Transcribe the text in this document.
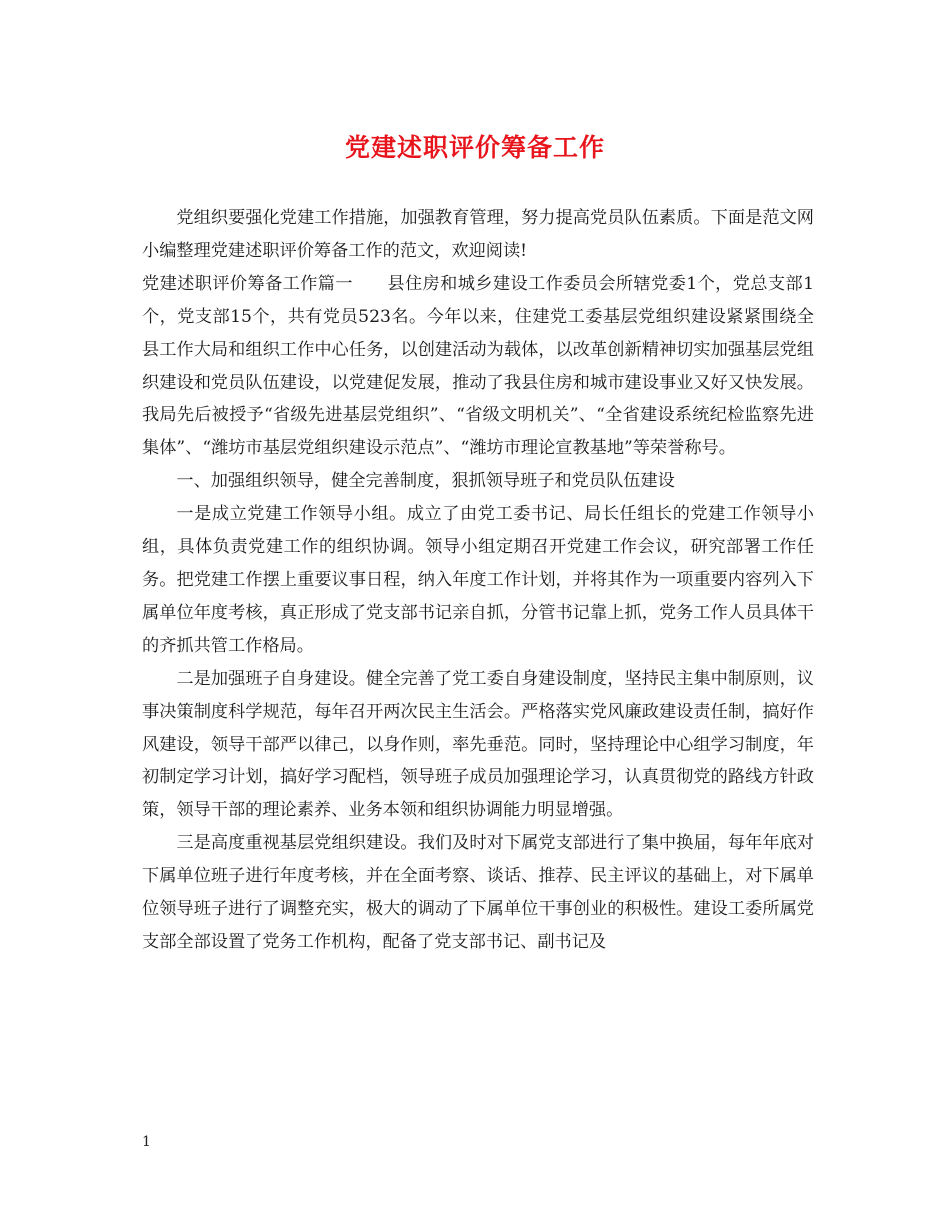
党建述职评价筹备工作

党组织要强化党建工作措施，加强教育管理，努力提高党员队伍素质。下面是范文网小编整理党建述职评价筹备工作的范文，欢迎阅读!

党建述职评价筹备工作篇一 县住房和城乡建设工作委员会所辖党委1个，党总支部1个，党支部15个，共有党员523名。今年以来，住建党工委基层党组织建设紧紧围绕全县工作大局和组织工作中心任务，以创建活动为载体，以改革创新精神切实加强基层党组织建设和党员队伍建设，以党建促发展，推动了我县住房和城市建设事业又好又快发展。我局先后被授予“省级先进基层党组织”、“省级文明机关”、“全省建设系统纪检监察先进集体”、“潍坊市基层党组织建设示范点”、“潍坊市理论宣教基地”等荣誉称号。

一、加强组织领导，健全完善制度，狠抓领导班子和党员队伍建设

一是成立党建工作领导小组。成立了由党工委书记、局长任组长的党建工作领导小组，具体负责党建工作的组织协调。领导小组定期召开党建工作会议，研究部署工作任务。把党建工作摆上重要议事日程，纳入年度工作计划，并将其作为一项重要内容列入下属单位年度考核，真正形成了党支部书记亲自抓，分管书记靠上抓，党务工作人员具体干的齐抓共管工作格局。

二是加强班子自身建设。健全完善了党工委自身建设制度，坚持民主集中制原则，议事决策制度科学规范，每年召开两次民主生活会。严格落实党风廉政建设责任制，搞好作风建设，领导干部严以律己，以身作则，率先垂范。同时，坚持理论中心组学习制度，年初制定学习计划，搞好学习配档，领导班子成员加强理论学习，认真贯彻党的路线方针政策，领导干部的理论素养、业务本领和组织协调能力明显增强。

三是高度重视基层党组织建设。我们及时对下属党支部进行了集中换届，每年年底对下属单位班子进行年度考核，并在全面考察、谈话、推荐、民主评议的基础上，对下属单位领导班子进行了调整充实，极大的调动了下属单位干事创业的积极性。建设工委所属党支部全部设置了党务工作机构，配备了党支部书记、副书记及

1
